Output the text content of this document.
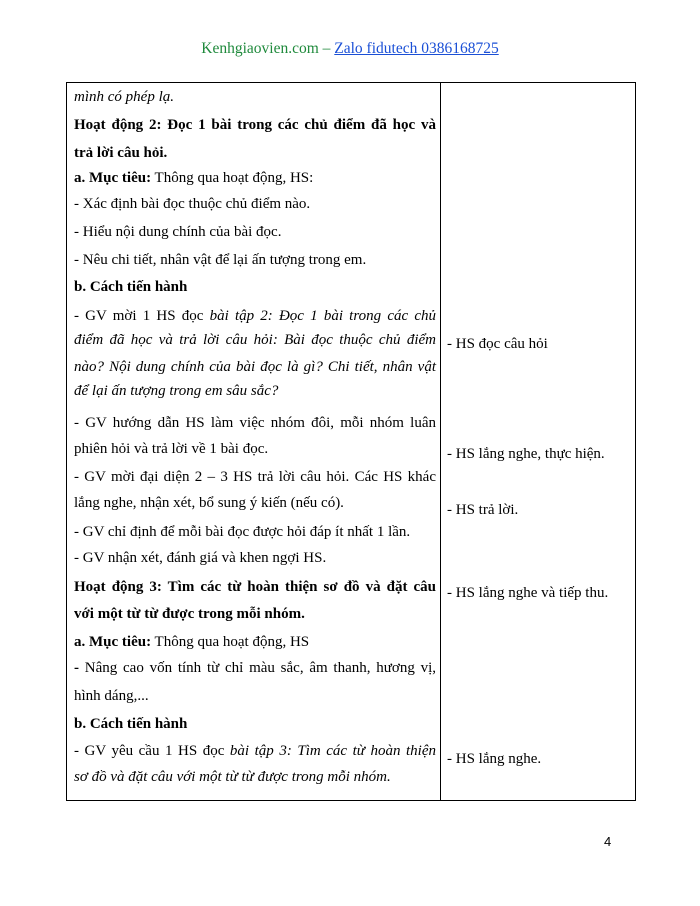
Kenhgiaovien.com – Zalo fidutech 0386168725
mình có phép lạ.
Hoạt động 2: Đọc 1 bài trong các chủ điểm đã học và
trả lời câu hỏi.
a. Mục tiêu: Thông qua hoạt động, HS:
- Xác định bài đọc thuộc chủ điểm nào.
- Hiểu nội dung chính của bài đọc.
- Nêu chi tiết, nhân vật để lại ấn tượng trong em.
b. Cách tiến hành
- GV mời 1 HS đọc bài tập 2: Đọc 1 bài trong các chủ
điểm đã học và trả lời câu hỏi: Bài đọc thuộc chủ điểm
nào? Nội dung chính của bài đọc là gì? Chi tiết, nhân vật
để lại ấn tượng trong em sâu sắc?
- GV hướng dẫn HS làm việc nhóm đôi, mỗi nhóm luân
phiên hỏi và trả lời về 1 bài đọc.
- GV mời đại diện 2 – 3 HS trả lời câu hỏi. Các HS khác
lắng nghe, nhận xét, bổ sung ý kiến (nếu có).
- GV chỉ định để mỗi bài đọc được hỏi đáp ít nhất 1 lần.
- GV nhận xét, đánh giá và khen ngợi HS.
Hoạt động 3: Tìm các từ hoàn thiện sơ đồ và đặt câu
với một từ từ được trong mỗi nhóm.
a. Mục tiêu: Thông qua hoạt động, HS
- Nâng cao vốn tính từ chỉ màu sắc, âm thanh, hương vị,
hình dáng,...
b. Cách tiến hành
- GV yêu cầu 1 HS đọc bài tập 3: Tìm các từ hoàn thiện
sơ đồ và đặt câu với một từ từ được trong mỗi nhóm.
- HS đọc câu hỏi
- HS lắng nghe, thực hiện.
- HS trả lời.
- HS lắng nghe và tiếp thu.
- HS lắng nghe.
4
